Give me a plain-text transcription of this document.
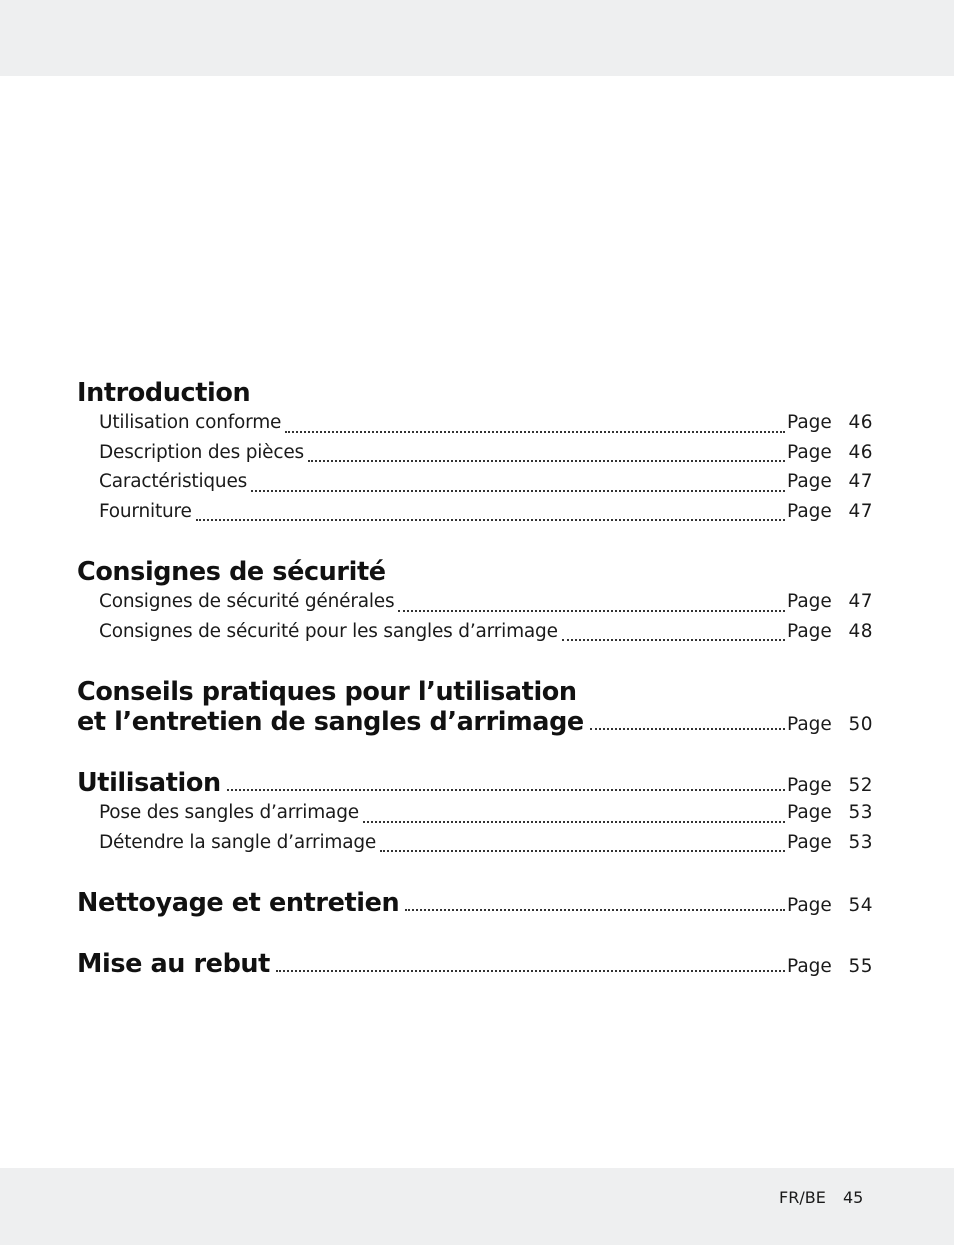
Introduction
Utilisation conforme	Page 46
Description des pièces	Page 46
Caractéristiques	Page 47
Fourniture	Page 47
Consignes de sécurité
Consignes de sécurité générales	Page 47
Consignes de sécurité pour les sangles d’arrimage	Page 48
Conseils pratiques pour l’utilisation
et l’entretien de sangles d’arrimage	Page 50
Utilisation	Page 52
Pose des sangles d’arrimage	Page 53
Détendre la sangle d’arrimage	Page 53
Nettoyage et entretien	Page 54
Mise au rebut	Page 55
FR/BE 45
